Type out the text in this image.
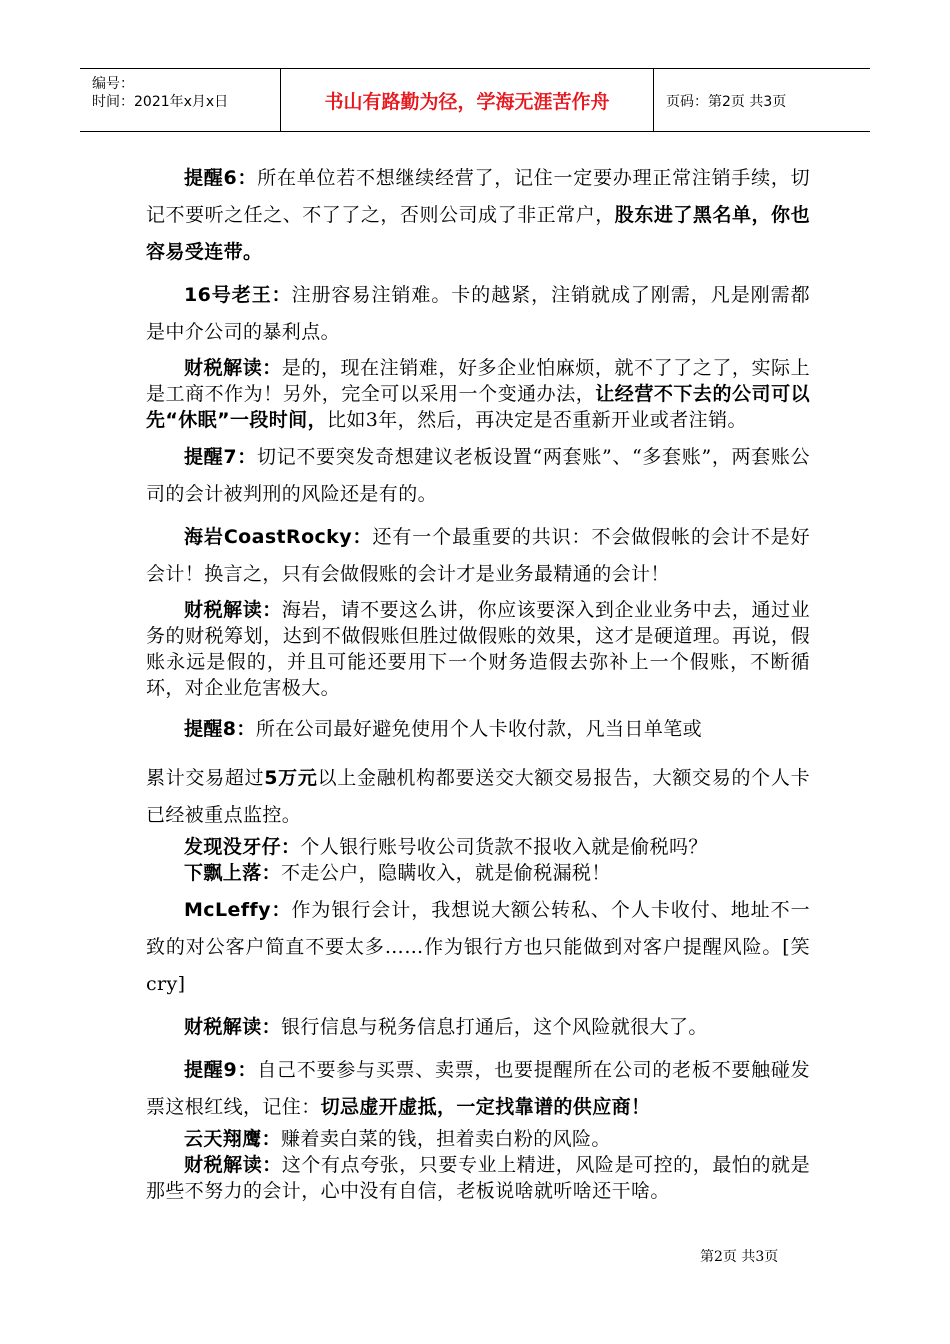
编号：
时间：2021年x月x日	书山有路勤为径，学海无涯苦作舟	页码：第2页 共3页

提醒6：所在单位若不想继续经营了，记住一定要办理正常注销手续，切记不要听之任之、不了了之，否则公司成了非正常户，股东进了黑名单，你也容易受连带。

16号老王：注册容易注销难。卡的越紧，注销就成了刚需，凡是刚需都是中介公司的暴利点。

财税解读：是的，现在注销难，好多企业怕麻烦，就不了了之了，实际上是工商不作为！另外，完全可以采用一个变通办法，让经营不下去的公司可以先“休眠”一段时间，比如3年，然后，再决定是否重新开业或者注销。

提醒7：切记不要突发奇想建议老板设置“两套账”、“多套账”，两套账公司的会计被判刑的风险还是有的。

海岩CoastRocky：还有一个最重要的共识：不会做假帐的会计不是好会计！换言之，只有会做假账的会计才是业务最精通的会计！

财税解读：海岩，请不要这么讲，你应该要深入到企业业务中去，通过业务的财税筹划，达到不做假账但胜过做假账的效果，这才是硬道理。再说，假账永远是假的，并且可能还要用下一个财务造假去弥补上一个假账，不断循环，对企业危害极大。

提醒8：所在公司最好避免使用个人卡收付款，凡当日单笔或

累计交易超过5万元以上金融机构都要送交大额交易报告，大额交易的个人卡已经被重点监控。

发现没牙仔：个人银行账号收公司货款不报收入就是偷税吗？

下飘上落：不走公户，隐瞒收入，就是偷税漏税！

McLeffy：作为银行会计，我想说大额公转私、个人卡收付、地址不一致的对公客户简直不要太多……作为银行方也只能做到对客户提醒风险。[笑cry]

财税解读：银行信息与税务信息打通后，这个风险就很大了。

提醒9：自己不要参与买票、卖票，也要提醒所在公司的老板不要触碰发票这根红线，记住：切忌虚开虚抵，一定找靠谱的供应商！

云天翔鹰：赚着卖白菜的钱，担着卖白粉的风险。

财税解读：这个有点夸张，只要专业上精进，风险是可控的，最怕的就是那些不努力的会计，心中没有自信，老板说啥就听啥还干啥。

第2页 共3页
